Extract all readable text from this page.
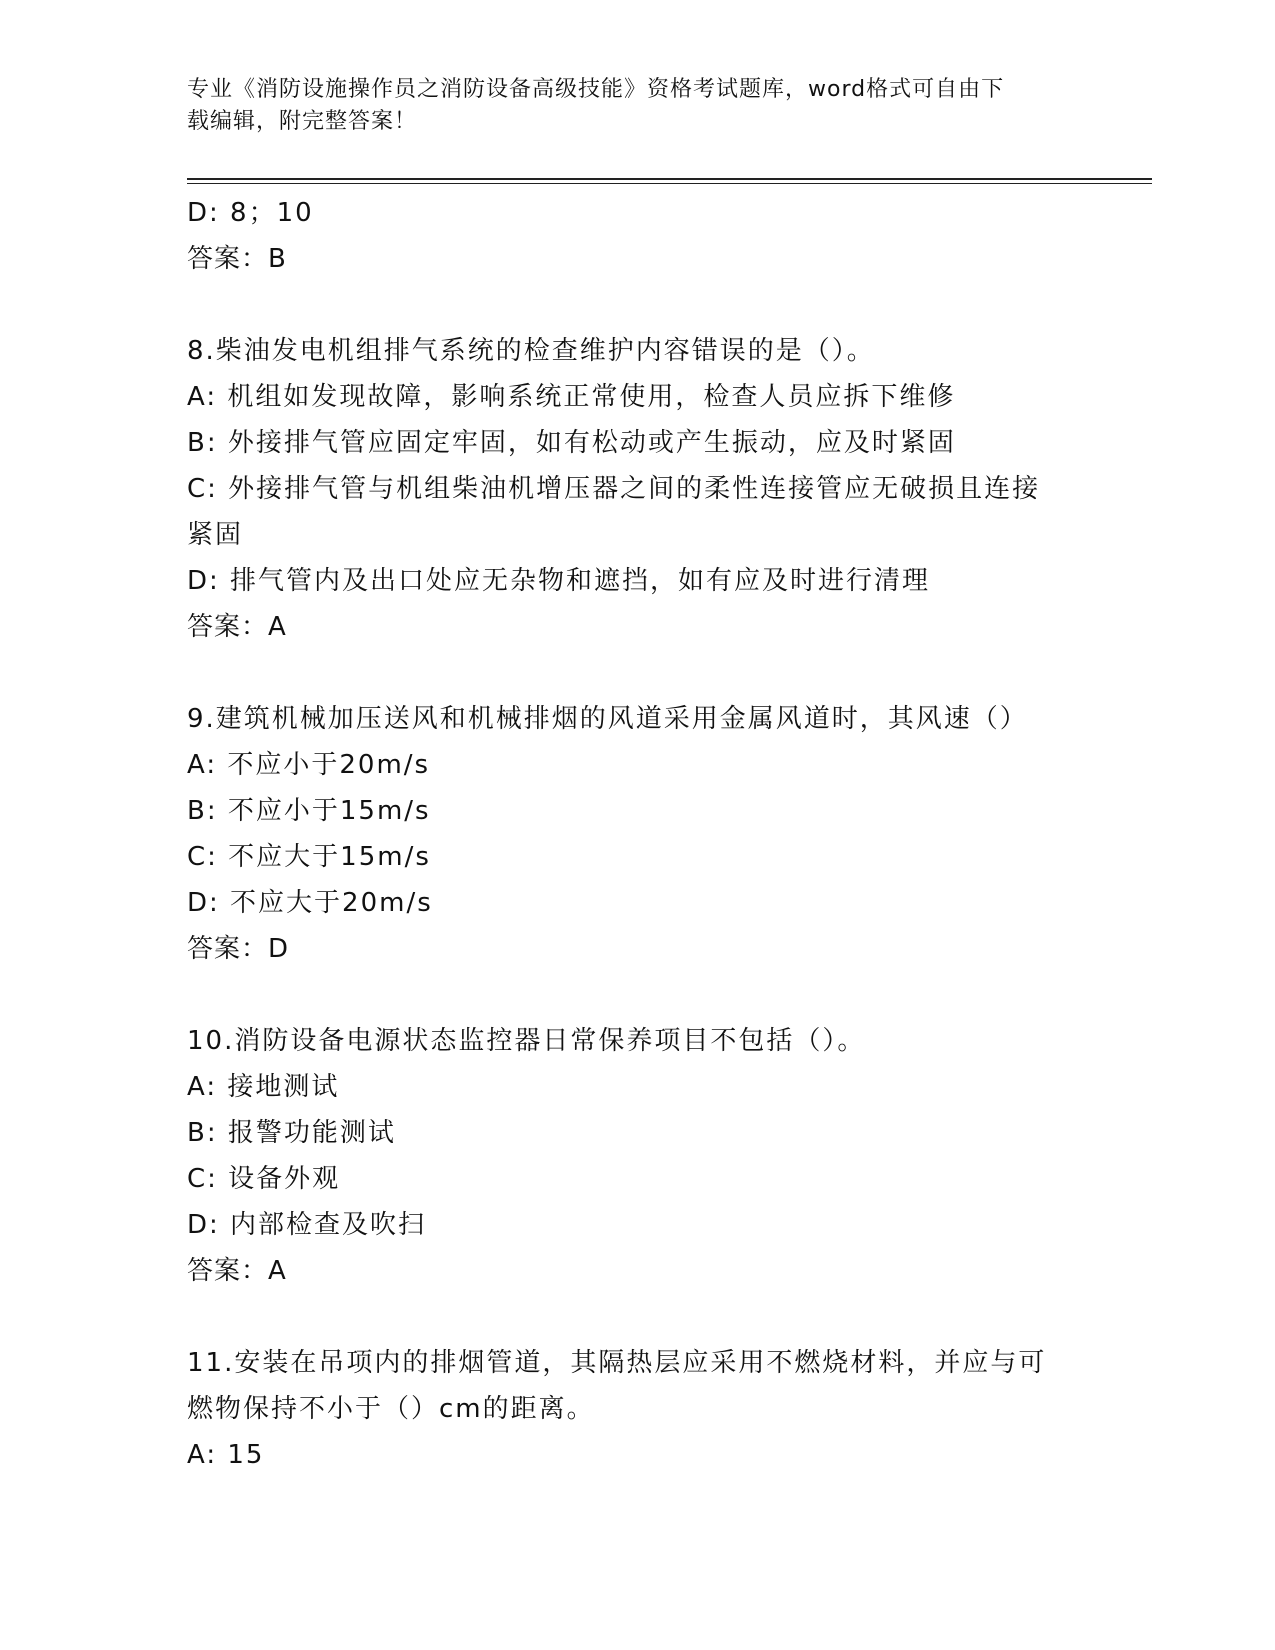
专业《消防设施操作员之消防设备高级技能》资格考试题库，word格式可自由下
载编辑，附完整答案！
D: 8；10
答案：B
8.柴油发电机组排气系统的检查维护内容错误的是（）。
A: 机组如发现故障，影响系统正常使用，检查人员应拆下维修
B: 外接排气管应固定牢固，如有松动或产生振动，应及时紧固
C: 外接排气管与机组柴油机增压器之间的柔性连接管应无破损且连接
紧固
D: 排气管内及出口处应无杂物和遮挡，如有应及时进行清理
答案：A
9.建筑机械加压送风和机械排烟的风道采用金属风道时，其风速（）
A: 不应小于20m/s
B: 不应小于15m/s
C: 不应大于15m/s
D: 不应大于20m/s
答案：D
10.消防设备电源状态监控器日常保养项目不包括（）。
A: 接地测试
B: 报警功能测试
C: 设备外观
D: 内部检查及吹扫
答案：A
11.安装在吊项内的排烟管道，其隔热层应采用不燃烧材料，并应与可
燃物保持不小于（）cm的距离。
A: 15
